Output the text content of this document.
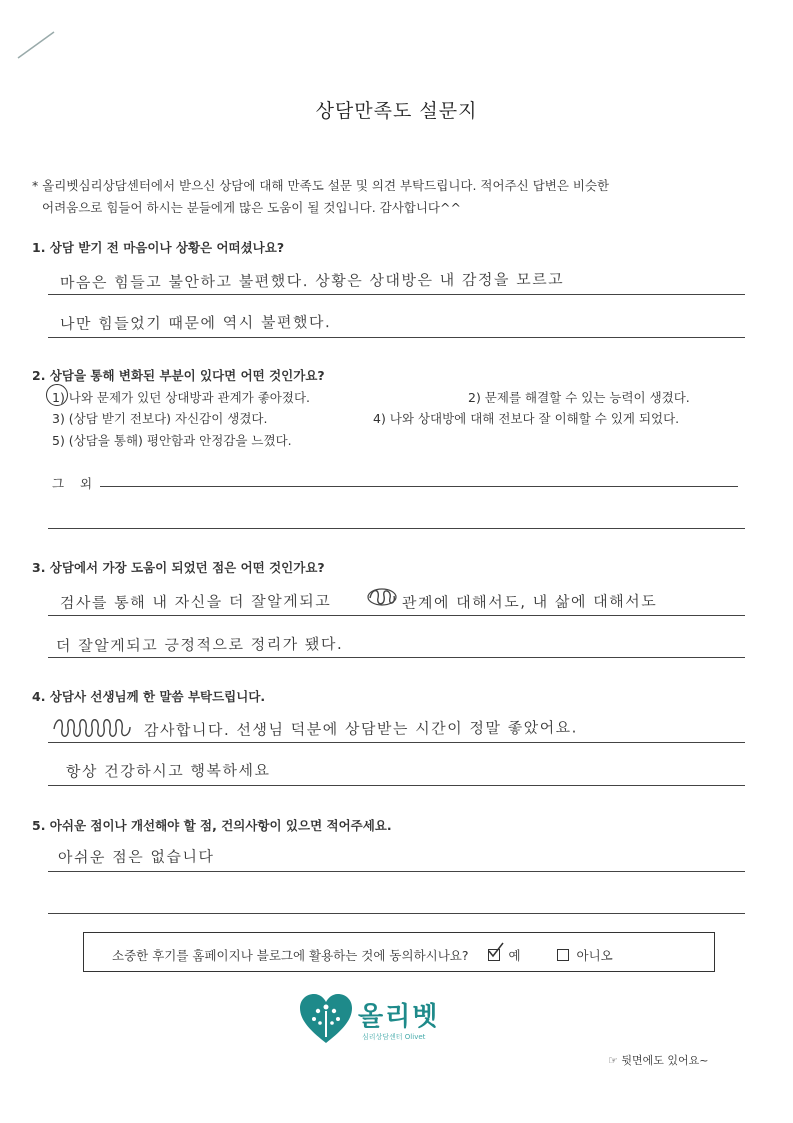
상담만족도 설문지
* 올리벳심리상담센터에서 받으신 상담에 대해 만족도 설문 및 의견 부탁드립니다. 적어주신 답변은 비슷한
어려움으로 힘들어 하시는 분들에게 많은 도움이 될 것입니다. 감사합니다^^
1. 상담 받기 전 마음이나 상황은 어떠셨나요?
마음은 힘들고 불안하고 불편했다. 상황은 상대방은 내 감정을 모르고
나만 힘들었기 때문에 역시 불편했다.
2. 상담을 통해 변화된 부분이 있다면 어떤 것인가요?
1) 나와 문제가 있던 상대방과 관계가 좋아졌다.	2) 문제를 해결할 수 있는 능력이 생겼다.
3) (상담 받기 전보다) 자신감이 생겼다.	4) 나와 상대방에 대해 전보다 잘 이해할 수 있게 되었다.
5) (상담을 통해) 평안함과 안정감을 느꼈다.
그 외
3. 상담에서 가장 도움이 되었던 점은 어떤 것인가요?
검사를 통해 내 자신을 더 잘알게되고	관계에 대해서도, 내 삶에 대해서도
더 잘알게되고 긍정적으로 정리가 됐다.
4. 상담사 선생님께 한 말씀 부탁드립니다.
감사합니다. 선생님 덕분에 상담받는 시간이 정말 좋았어요.
항상 건강하시고 행복하세요
5. 아쉬운 점이나 개선해야 할 점, 건의사항이 있으면 적어주세요.
아쉬운 점은 없습니다
소중한 후기를 홈페이지나 블로그에 활용하는 것에 동의하시나요?	예	아니오
올리벳
심리상담센터 Olivet
☞ 뒷면에도 있어요~
